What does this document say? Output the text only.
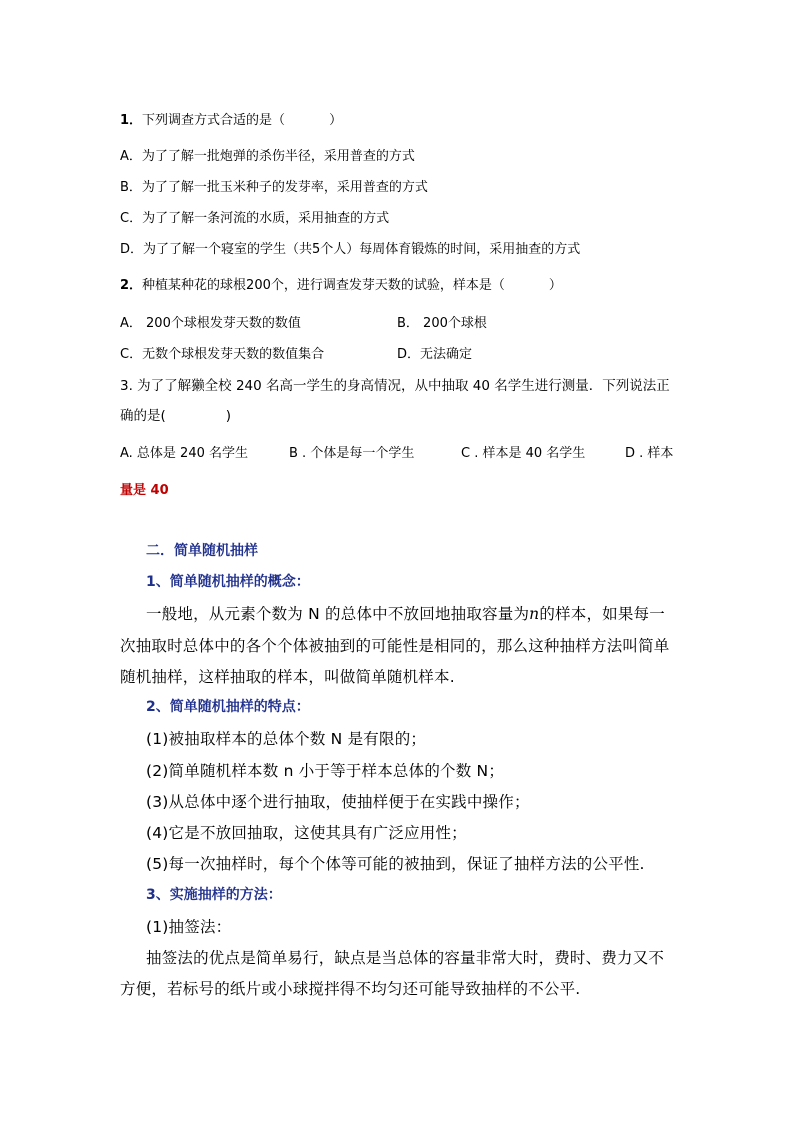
1．下列调查方式合适的是（	）
A．为了了解一批炮弹的杀伤半径，采用普查的方式
B．为了了解一批玉米种子的发芽率，采用普查的方式
C．为了了解一条河流的水质，采用抽查的方式
D．为了了解一个寝室的学生（共5个人）每周体育锻炼的时间，采用抽查的方式
2．种植某种花的球根200个，进行调查发芽天数的试验，样本是（	）
A． 200个球根发芽天数的数值	B． 200个球根
C．无数个球根发芽天数的数值集合	D．无法确定
3. 为了了解獭全校 240 名高一学生的身高情况，从中抽取 40 名学生进行测量．下列说法正
确的是(	)
A. 总体是 240 名学生	B . 个体是每一个学生	C . 样本是 40 名学生	D . 样本
量是 40
二．简单随机抽样
1、简单随机抽样的概念：
一般地，从元素个数为 N 的总体中不放回地抽取容量为n的样本，如果每一
次抽取时总体中的各个个体被抽到的可能性是相同的，那么这种抽样方法叫简单
随机抽样，这样抽取的样本，叫做简单随机样本.
2、简单随机抽样的特点：
(1)被抽取样本的总体个数 N 是有限的；
(2)简单随机样本数 n 小于等于样本总体的个数 N；
(3)从总体中逐个进行抽取，使抽样便于在实践中操作；
(4)它是不放回抽取，这使其具有广泛应用性；
(5)每一次抽样时，每个个体等可能的被抽到，保证了抽样方法的公平性.
3、实施抽样的方法：
(1)抽签法：
抽签法的优点是简单易行，缺点是当总体的容量非常大时，费时、费力又不
方便，若标号的纸片或小球搅拌得不均匀还可能导致抽样的不公平.
